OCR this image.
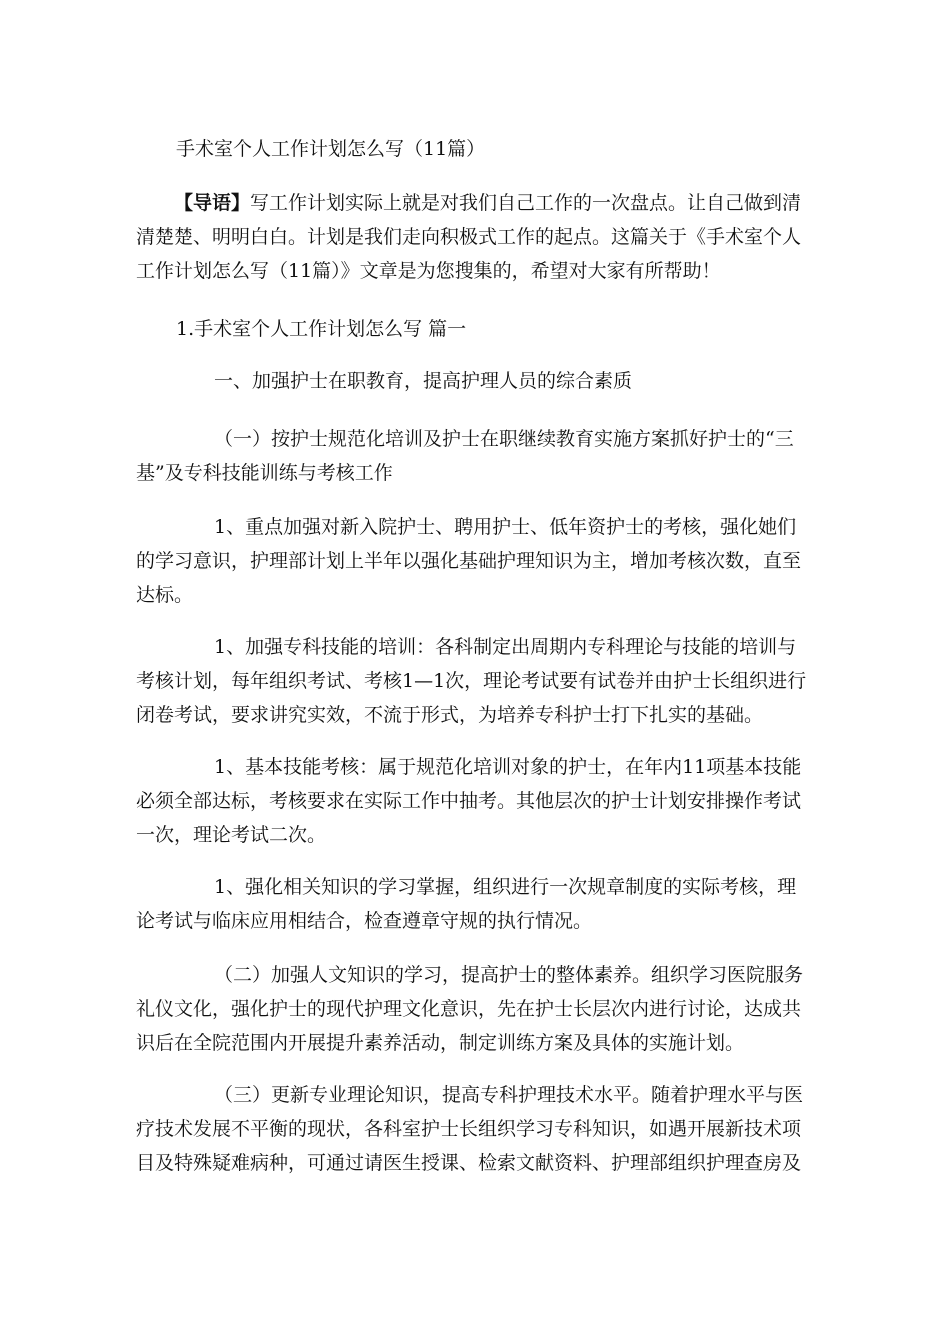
手术室个人工作计划怎么写（11篇）
【导语】写工作计划实际上就是对我们自己工作的一次盘点。让自己做到清
清楚楚、明明白白。计划是我们走向积极式工作的起点。这篇关于《手术室个人
工作计划怎么写（11篇）》文章是为您搜集的，希望对大家有所帮助！
1.手术室个人工作计划怎么写 篇一
一、加强护士在职教育，提高护理人员的综合素质
（一）按护士规范化培训及护士在职继续教育实施方案抓好护士的“三
基”及专科技能训练与考核工作
1、重点加强对新入院护士、聘用护士、低年资护士的考核，强化她们
的学习意识，护理部计划上半年以强化基础护理知识为主，增加考核次数，直至
达标。
1、加强专科技能的培训：各科制定出周期内专科理论与技能的培训与
考核计划，每年组织考试、考核1—1次，理论考试要有试卷并由护士长组织进行
闭卷考试，要求讲究实效，不流于形式，为培养专科护士打下扎实的基础。
1、基本技能考核：属于规范化培训对象的护士，在年内11项基本技能
必须全部达标，考核要求在实际工作中抽考。其他层次的护士计划安排操作考试
一次，理论考试二次。
1、强化相关知识的学习掌握，组织进行一次规章制度的实际考核，理
论考试与临床应用相结合，检查遵章守规的执行情况。
（二）加强人文知识的学习，提高护士的整体素养。组织学习医院服务
礼仪文化，强化护士的现代护理文化意识，先在护士长层次内进行讨论，达成共
识后在全院范围内开展提升素养活动，制定训练方案及具体的实施计划。
（三）更新专业理论知识，提高专科护理技术水平。随着护理水平与医
疗技术发展不平衡的现状，各科室护士长组织学习专科知识，如遇开展新技术项
目及特殊疑难病种，可通过请医生授课、检索文献资料、护理部组织护理查房及
